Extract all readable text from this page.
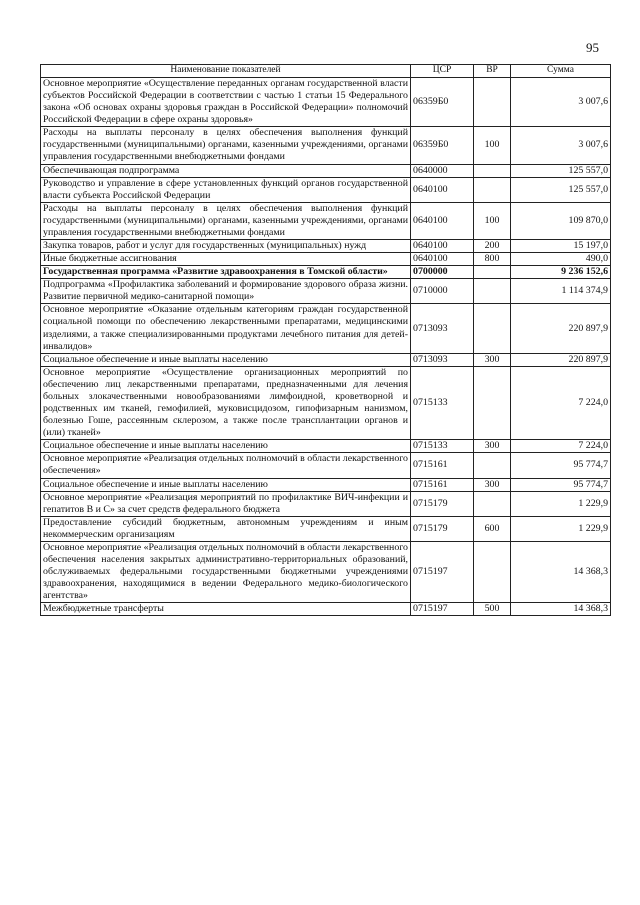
95
Наименование показателей	ЦСР	ВР	Сумма
Основное мероприятие «Осуществление переданных органам государственной власти субъектов Российской Федерации в соответствии с частью 1 статьи 15 Федерального закона «Об основах охраны здоровья граждан в Российской Федерации» полномочий Российской Федерации в сфере охраны здоровья»	06359Б0		3 007,6
Расходы на выплаты персоналу в целях обеспечения выполнения функций государственными (муниципальными) органами, казенными учреждениями, органами управления государственными внебюджетными фондами	06359Б0	100	3 007,6
Обеспечивающая подпрограмма	0640000		125 557,0
Руководство и управление в сфере установленных функций органов государственной власти субъекта Российской Федерации	0640100		125 557,0
Расходы на выплаты персоналу в целях обеспечения выполнения функций государственными (муниципальными) органами, казенными учреждениями, органами управления государственными внебюджетными фондами	0640100	100	109 870,0
Закупка товаров, работ и услуг для государственных (муниципальных) нужд	0640100	200	15 197,0
Иные бюджетные ассигнования	0640100	800	490,0
Государственная программа «Развитие здравоохранения в Томской области»	0700000		9 236 152,6
Подпрограмма «Профилактика заболеваний и формирование здорового образа жизни. Развитие первичной медико-санитарной помощи»	0710000		1 114 374,9
Основное мероприятие «Оказание отдельным категориям граждан государственной социальной помощи по обеспечению лекарственными препаратами, медицинскими изделиями, а также специализированными продуктами лечебного питания для детей-инвалидов»	0713093		220 897,9
Социальное обеспечение и иные выплаты населению	0713093	300	220 897,9
Основное мероприятие «Осуществление организационных мероприятий по обеспечению лиц лекарственными препаратами, предназначенными для лечения больных злокачественными новообразованиями лимфоидной, кроветворной и родственных им тканей, гемофилией, муковисцидозом, гипофизарным нанизмом, болезнью Гоше, рассеянным склерозом, а также после трансплантации органов и (или) тканей»	0715133		7 224,0
Социальное обеспечение и иные выплаты населению	0715133	300	7 224,0
Основное мероприятие «Реализация отдельных полномочий в области лекарственного обеспечения»	0715161		95 774,7
Социальное обеспечение и иные выплаты населению	0715161	300	95 774,7
Основное мероприятие «Реализация мероприятий по профилактике ВИЧ-инфекции и гепатитов В и С» за счет средств федерального бюджета	0715179		1 229,9
Предоставление субсидий бюджетным, автономным учреждениям и иным некоммерческим организациям	0715179	600	1 229,9
Основное мероприятие «Реализация отдельных полномочий в области лекарственного обеспечения населения закрытых административно-территориальных образований, обслуживаемых федеральными государственными бюджетными учреждениями здравоохранения, находящимися в ведении Федерального медико-биологического агентства»	0715197		14 368,3
Межбюджетные трансферты	0715197	500	14 368,3
